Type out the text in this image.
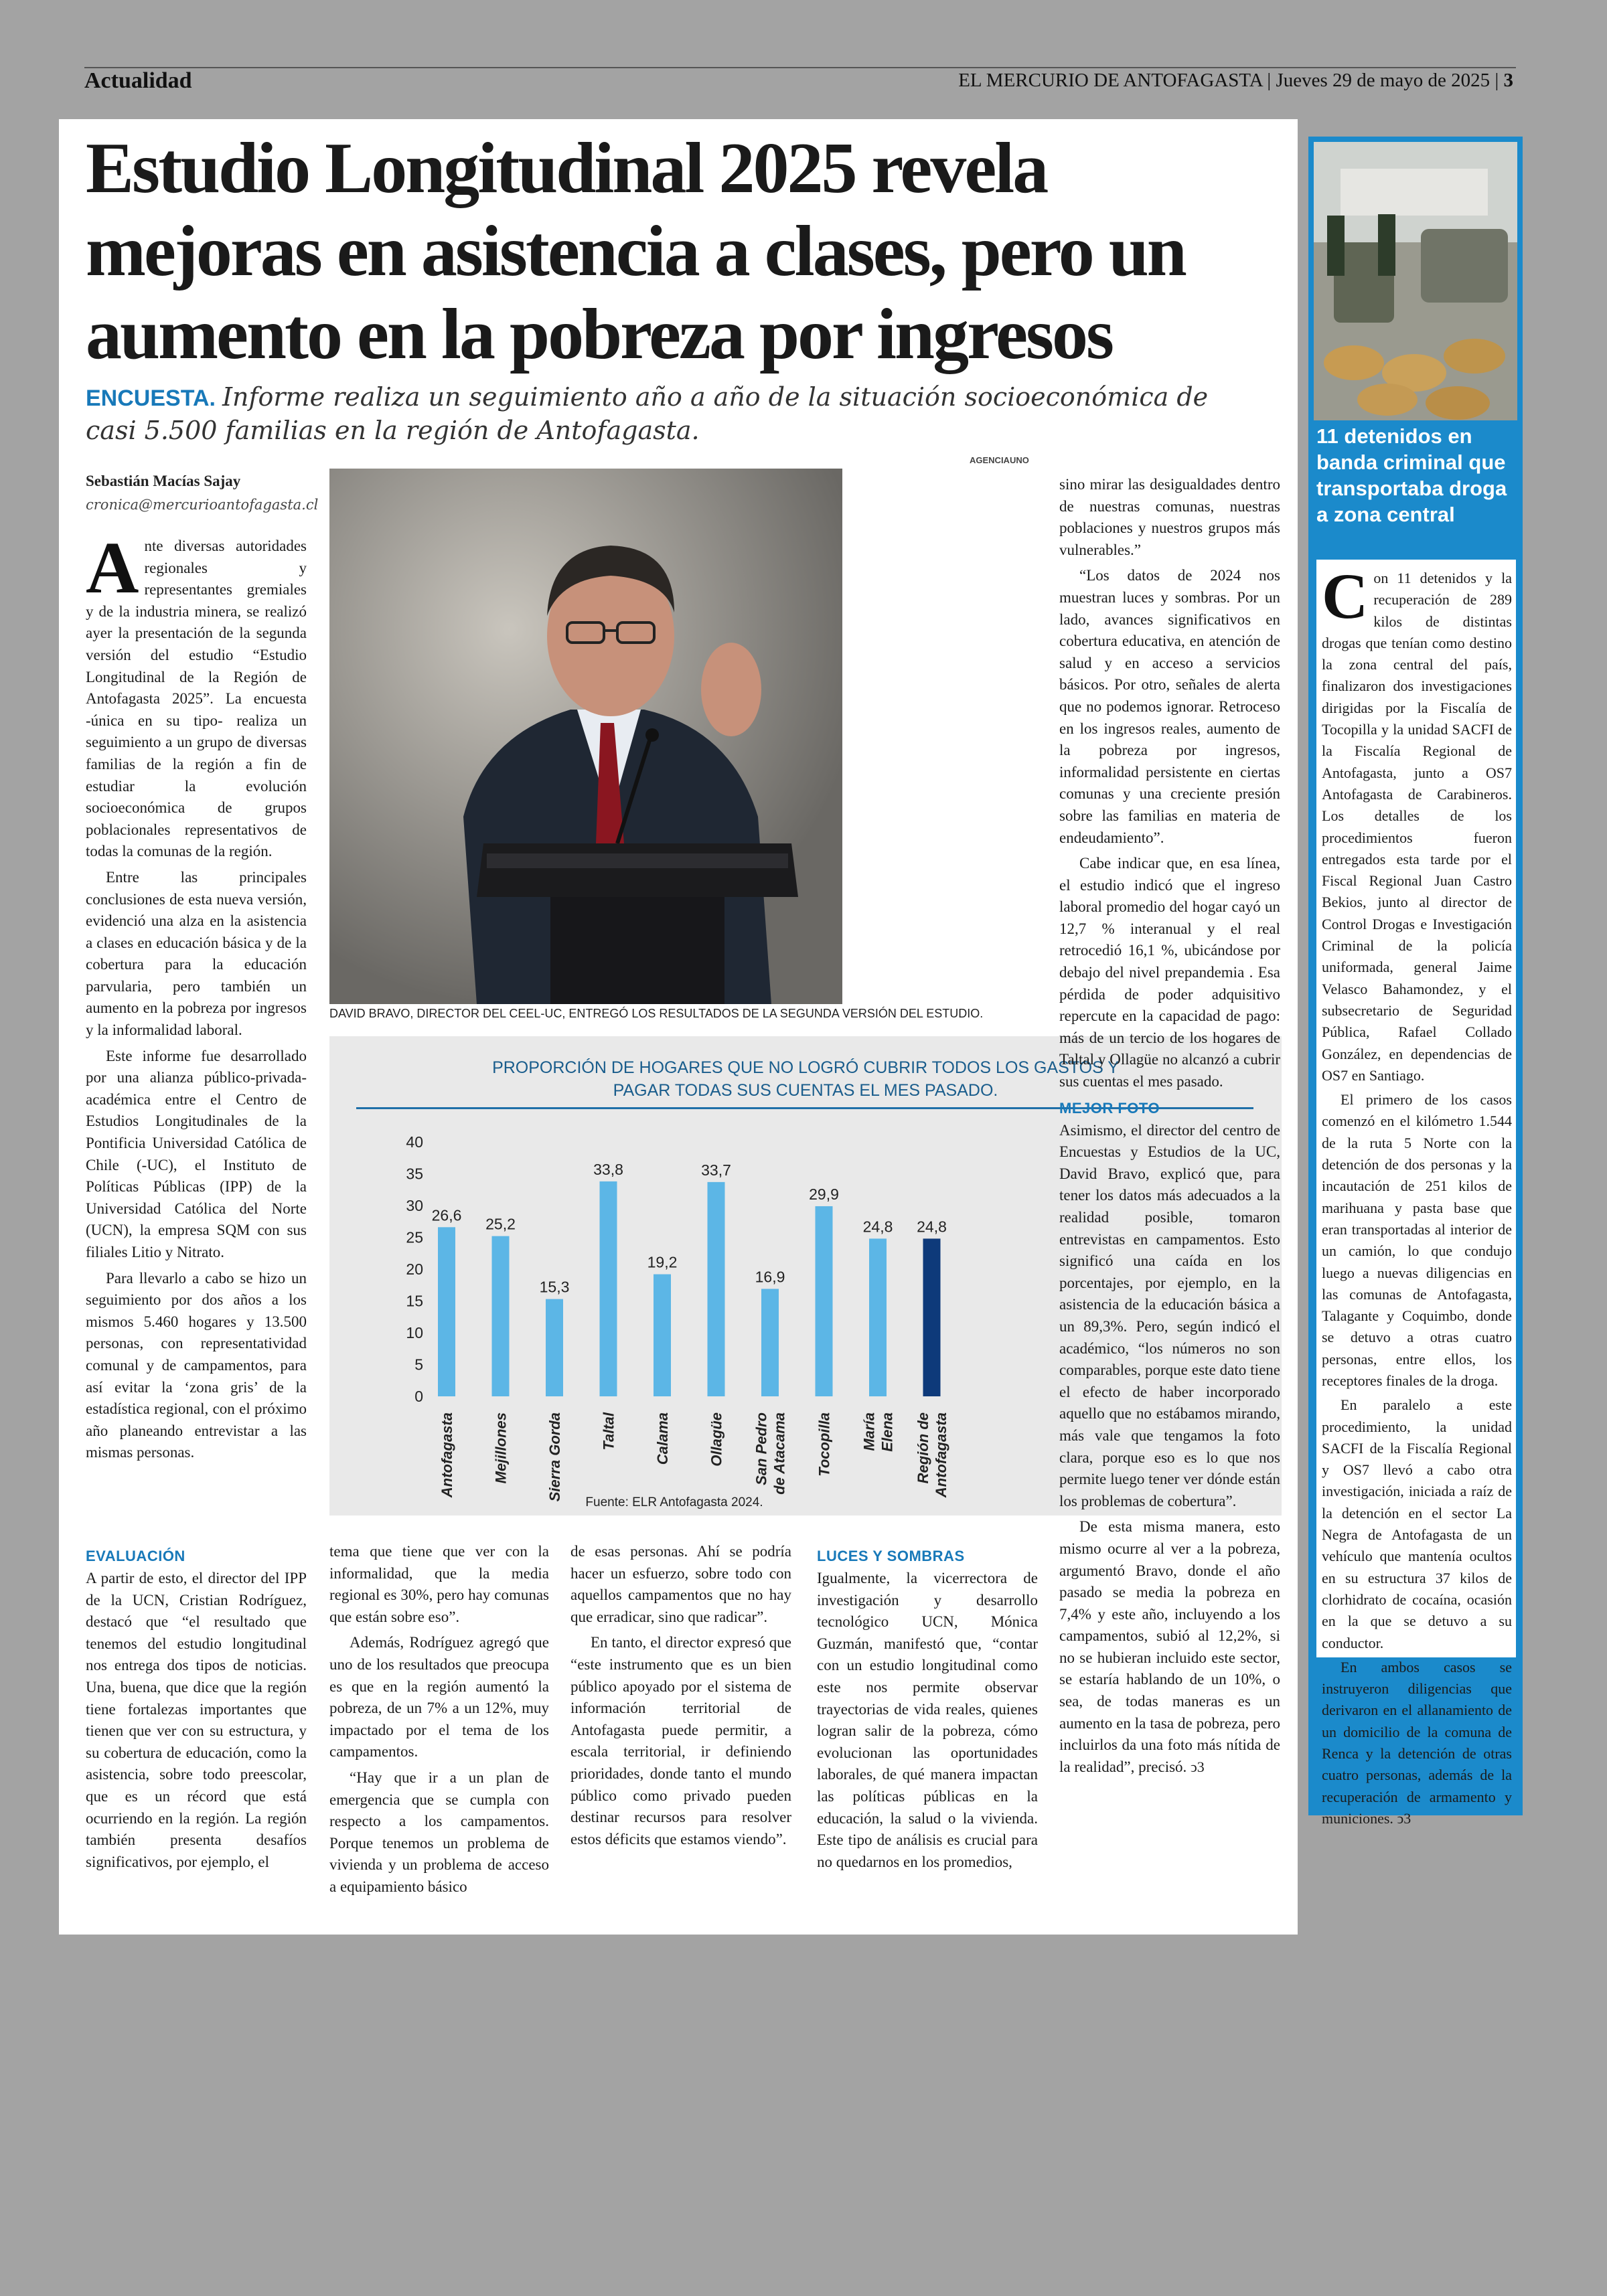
Actualidad	EL MERCURIO DE ANTOFAGASTA | Jueves 29 de mayo de 2025 | 3
Estudio Longitudinal 2025 revela
mejoras en asistencia a clases, pero un
aumento en la pobreza por ingresos
ENCUESTA. Informe realiza un seguimiento año a año de la situación socioeconómica de casi 5.500 familias en la región de Antofagasta.
Sebastián Macías Sajay
cronica@mercurioantofagasta.cl
AGENCIAUNO
DAVID BRAVO, DIRECTOR DEL CEEL-UC, ENTREGÓ LOS RESULTADOS DE LA SEGUNDA VERSIÓN DEL ESTUDIO.
PROPORCIÓN DE HOGARES QUE NO LOGRÓ CUBRIR TODOS LOS GASTOS Y
PAGAR TODAS SUS CUENTAS EL MES PASADO.
0
5
10
15
20
25
30
35
40
26,6
Antofagasta
25,2
Mejillones
15,3
Sierra Gorda
33,8
Taltal
19,2
Calama
33,7
Ollagüe
16,9
San Pedro de Atacama
29,9
Tocopilla
24,8
María Elena
24,8
Región de Antofagasta
Fuente: ELR Antofagasta 2024.

Ante diversas autoridades regionales y representantes gremiales y de la industria minera, se realizó ayer la presentación de la segunda versión del estudio “Estudio Longitudinal de la Región de Antofagasta 2025”. La encuesta -única en su tipo- realiza un seguimiento a un grupo de diversas familias de la región a fin de estudiar la evolución socioeconómica de grupos poblacionales representativos de todas la comunas de la región.

Entre las principales conclusiones de esta nueva versión, evidenció una alza en la asistencia a clases en educación básica y de la cobertura para la educación parvularia, pero también un aumento en la pobreza por ingresos y la informalidad laboral.

Este informe fue desarrollado por una alianza público-privada-académica entre el Centro de Estudios Longitudinales de la Pontificia Universidad Católica de Chile (-UC), el Instituto de Políticas Públicas (IPP) de la Universidad Católica del Norte (UCN), la empresa SQM con sus filiales Litio y Nitrato.

Para llevarlo a cabo se hizo un seguimiento por dos años a los mismos 5.460 hogares y 13.500 personas, con representatividad comunal y de campamentos, para así evitar la ‘zona gris’ de la estadística regional, con el próximo año planeando entrevistar a las mismas personas.

EVALUACIÓN

A partir de esto, el director del IPP de la UCN, Cristian Rodríguez, destacó que “el resultado que tenemos del estudio longitudinal nos entrega dos tipos de noticias. Una, buena, que dice que la región tiene fortalezas importantes que tienen que ver con su estructura, y su cobertura de educación, como la asistencia, sobre todo preescolar, que es un récord que está ocurriendo en la región. La región también presenta desafíos significativos, por ejemplo, el

tema que tiene que ver con la informalidad, que la media regional es 30%, pero hay comunas que están sobre eso”.

Además, Rodríguez agregó que uno de los resultados que preocupa es que en la región aumentó la pobreza, de un 7% a un 12%, muy impactado por el tema de los campamentos.

“Hay que ir a un plan de emergencia que se cumpla con respecto a los campamentos. Porque tenemos un problema de vivienda y un problema de acceso a equipamiento básico

de esas personas. Ahí se podría hacer un esfuerzo, sobre todo con aquellos campamentos que no hay que erradicar, sino que radicar”.

En tanto, el director expresó que “este instrumento que es un bien público apoyado por el sistema de información territorial de Antofagasta puede permitir, a escala territorial, ir definiendo prioridades, donde tanto el mundo público como privado pueden destinar recursos para resolver estos déficits que estamos viendo”.

LUCES Y SOMBRAS

Igualmente, la vicerrectora de investigación y desarrollo tecnológico UCN, Mónica Guzmán, manifestó que, “contar con un estudio longitudinal como este nos permite observar trayectorias de vida reales, quienes logran salir de la pobreza, cómo evolucionan las oportunidades laborales, de qué manera impactan las políticas públicas en la educación, la salud o la vivienda. Este tipo de análisis es crucial para no quedarnos en los promedios,

sino mirar las desigualdades dentro de nuestras comunas, nuestras poblaciones y nuestros grupos más vulnerables.”

“Los datos de 2024 nos muestran luces y sombras. Por un lado, avances significativos en cobertura educativa, en atención de salud y en acceso a servicios básicos. Por otro, señales de alerta que no podemos ignorar. Retroceso en los ingresos reales, aumento de la pobreza por ingresos, informalidad persistente en ciertas comunas y una creciente presión sobre las familias en materia de endeudamiento”.

Cabe indicar que, en esa línea, el estudio indicó que el ingreso laboral promedio del hogar cayó un 12,7 % interanual y el real retrocedió 16,1 %, ubicándose por debajo del nivel prepandemia . Esa pérdida de poder adquisitivo repercute en la capacidad de pago: más de un tercio de los hogares de Taltal y Ollagüe no alcanzó a cubrir sus cuentas el mes pasado.

MEJOR FOTO

Asimismo, el director del centro de Encuestas y Estudios de la UC, David Bravo, explicó que, para tener los datos más adecuados a la realidad posible, tomaron entrevistas en campamentos. Esto significó una caída en los porcentajes, por ejemplo, en la asistencia de la educación básica a un 89,3%. Pero, según indicó el académico, “los números no son comparables, porque este dato tiene el efecto de haber incorporado aquello que no estábamos mirando, más vale que tengamos la foto clara, porque eso es lo que nos permite luego tener ver dónde están los problemas de cobertura”.

De esta misma manera, esto mismo ocurre al ver a la pobreza, argumentó Bravo, donde el año pasado se media la pobreza en 7,4% y este año, incluyendo a los campamentos, subió al 12,2%, si no se hubieran incluido este sector, se estaría hablando de un 10%, o sea, de todas maneras es un aumento en la tasa de pobreza, pero incluirlos da una foto más nítida de la realidad”, precisó. ↄ3

11 detenidos en banda criminal que transportaba droga a zona central

Con 11 detenidos y la recuperación de 289 kilos de distintas drogas que tenían como destino la zona central del país, finalizaron dos investigaciones dirigidas por la Fiscalía de Tocopilla y la unidad SACFI de la Fiscalía Regional de Antofagasta, junto a OS7 Antofagasta de Carabineros. Los detalles de los procedimientos fueron entregados esta tarde por el Fiscal Regional Juan Castro Bekios, junto al director de Control Drogas e Investigación Criminal de la policía uniformada, general Jaime Velasco Bahamondez, y el subsecretario de Seguridad Pública, Rafael Collado González, en dependencias de OS7 en Santiago.

El primero de los casos comenzó en el kilómetro 1.544 de la ruta 5 Norte con la detención de dos personas y la incautación de 251 kilos de marihuana y pasta base que eran transportadas al interior de un camión, lo que condujo luego a nuevas diligencias en las comunas de Antofagasta, Talagante y Coquimbo, donde se detuvo a otras cuatro personas, entre ellos, los receptores finales de la droga.

En paralelo a este procedimiento, la unidad SACFI de la Fiscalía Regional y OS7 llevó a cabo otra investigación, iniciada a raíz de la detención en el sector La Negra de Antofagasta de un vehículo que mantenía ocultos en su estructura 37 kilos de clorhidrato de cocaína, ocasión en la que se detuvo a su conductor.

En ambos casos se instruyeron diligencias que derivaron en el allanamiento de un domicilio de la comuna de Renca y la detención de otras cuatro personas, además de la recuperación de armamento y municiones. ↄ3
